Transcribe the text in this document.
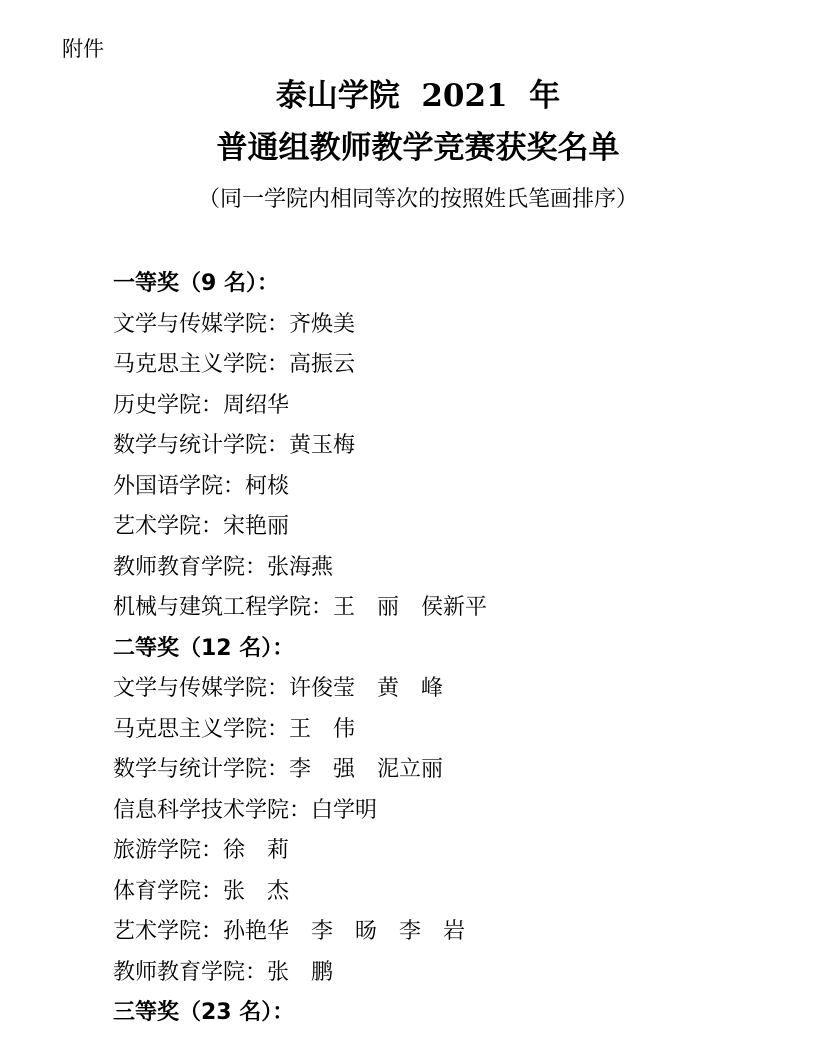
附件
泰山学院  2021  年
普通组教师教学竞赛获奖名单
（同一学院内相同等次的按照姓氏笔画排序）
一等奖（9 名）：
文学与传媒学院：齐焕美
马克思主义学院：高振云
历史学院：周绍华
数学与统计学院：黄玉梅
外国语学院：柯棪
艺术学院：宋艳丽
教师教育学院：张海燕
机械与建筑工程学院：王　丽　侯新平
二等奖（12 名）：
文学与传媒学院：许俊莹　黄　峰
马克思主义学院：王　伟
数学与统计学院：李　强　泥立丽
信息科学技术学院：白学明
旅游学院：徐　莉
体育学院：张　杰
艺术学院：孙艳华　李　旸　李　岩
教师教育学院：张　鹏
三等奖（23 名）：
